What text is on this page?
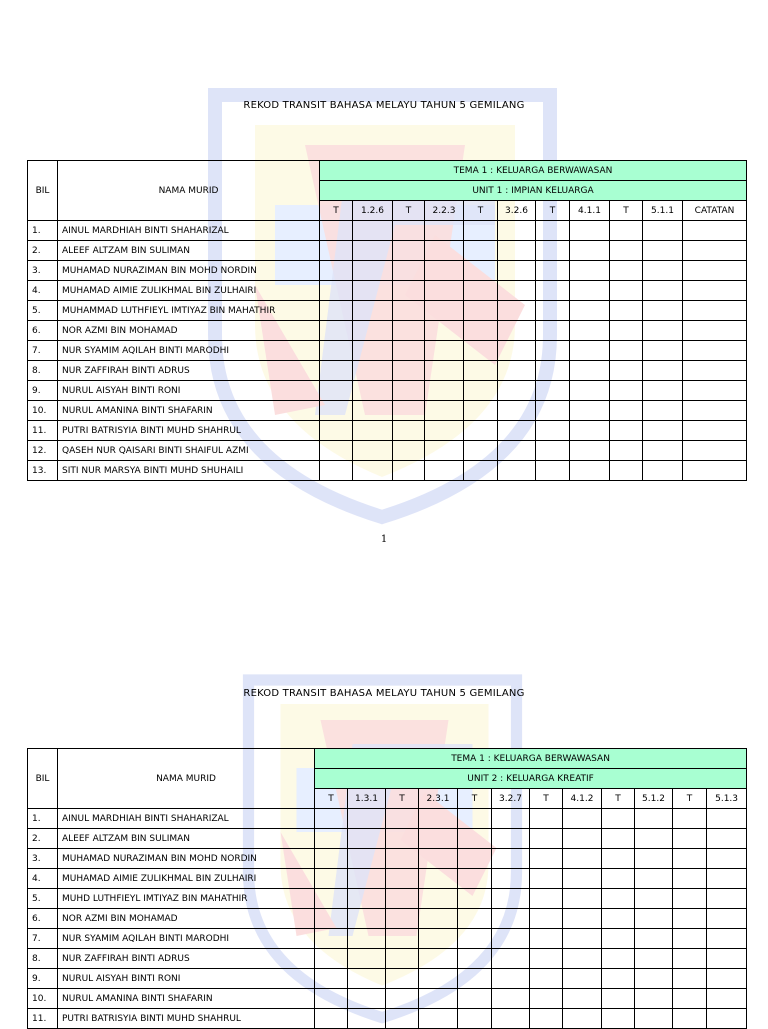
REKOD TRANSIT BAHASA MELAYU TAHUN 5 GEMILANG
BIL	NAMA MURID	TEMA 1 : KELUARGA BERWAWASAN										
		UNIT 1 : IMPIAN KELUARGA										
		T	1.2.6	T	2.2.3	T	3.2.6	T	4.1.1	T	5.1.1	CATATAN
1.	AINUL MARDHIAH BINTI SHAHARIZAL											
2.	ALEEF ALTZAM BIN SULIMAN											
3.	MUHAMAD NURAZIMAN BIN MOHD NORDIN											
4.	MUHAMAD AIMIE ZULIKHMAL BIN ZULHAIRI											
5.	MUHAMMAD LUTHFIEYL IMTIYAZ BIN MAHATHIR											
6.	NOR AZMI BIN MOHAMAD											
7.	NUR SYAMIM AQILAH BINTI MARODHI											
8.	NUR ZAFFIRAH BINTI ADRUS											
9.	NURUL AISYAH BINTI RONI											
10.	NURUL AMANINA BINTI SHAFARIN											
11.	PUTRI BATRISYIA BINTI MUHD SHAHRUL											
12.	QASEH NUR QAISARI BINTI SHAIFUL AZMI											
13.	SITI NUR MARSYA BINTI MUHD SHUHAILI											
1
REKOD TRANSIT BAHASA MELAYU TAHUN 5 GEMILANG
BIL	NAMA MURID	TEMA 1 : KELUARGA BERWAWASAN											
		UNIT 2 : KELUARGA KREATIF											
		T	1.3.1	T	2.3.1	T	3.2.7	T	4.1.2	T	5.1.2	T	5.1.3
1.	AINUL MARDHIAH BINTI SHAHARIZAL												
2.	ALEEF ALTZAM BIN SULIMAN												
3.	MUHAMAD NURAZIMAN BIN MOHD NORDIN												
4.	MUHAMAD AIMIE ZULIKHMAL BIN ZULHAIRI												
5.	MUHD LUTHFIEYL IMTIYAZ BIN MAHATHIR												
6.	NOR AZMI BIN MOHAMAD												
7.	NUR SYAMIM AQILAH BINTI MARODHI												
8.	NUR ZAFFIRAH BINTI ADRUS												
9.	NURUL AISYAH BINTI RONI												
10.	NURUL AMANINA BINTI SHAFARIN												
11.	PUTRI BATRISYIA BINTI MUHD SHAHRUL												
